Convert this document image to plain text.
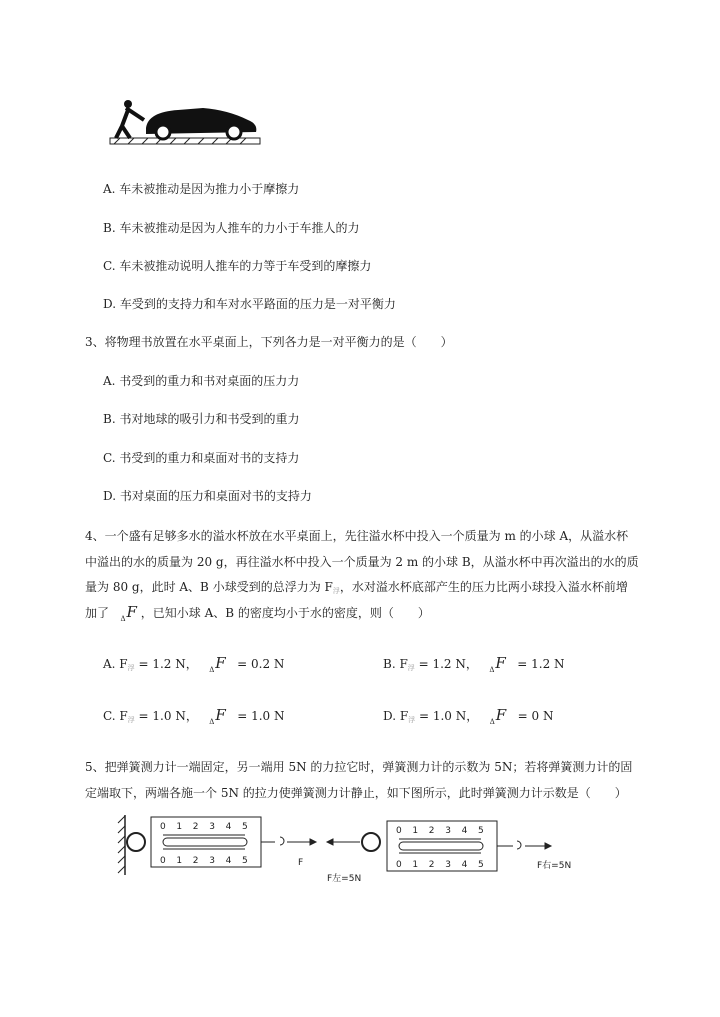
A. 车未被推动是因为推力小于摩擦力
B. 车未被推动是因为人推车的力小于车推人的力
C. 车未被推动说明人推车的力等于车受到的摩擦力
D. 车受到的支持力和车对水平路面的压力是一对平衡力
3、将物理书放置在水平桌面上，下列各力是一对平衡力的是（　　）
A. 书受到的重力和书对桌面的压力力
B. 书对地球的吸引力和书受到的重力
C. 书受到的重力和桌面对书的支持力
D. 书对桌面的压力和桌面对书的支持力
4、一个盛有足够多水的溢水杯放在水平桌面上，先往溢水杯中投入一个质量为 m 的小球 A，从溢水杯
中溢出的水的质量为 20 g，再往溢水杯中投入一个质量为 2 m 的小球 B，从溢水杯中再次溢出的水的质
量为 80 g，此时 A、B 小球受到的总浮力为 $F_浮$，水对溢水杯底部产生的压力比两小球投入溢水杯前增
加了   $_\Delta$F ，已知小球 A、B 的密度均小于水的密度，则（　　）
A. $F_浮 = 1.2$ N， $_\Delta$F = 0.2 N	B. $F_浮 = 1.2$ N， $_\Delta$F = 1.2 N
C. $F_浮 = 1.0$ N， $_\Delta$F = 1.0 N	D. $F_浮 = 1.0$ N， $_\Delta$F = 0 N
5、把弹簧测力计一端固定，另一端用 5N 的力拉它时，弹簧测力计的示数为 5N；若将弹簧测力计的固
定端取下，两端各施一个 5N 的拉力使弹簧测力计静止，如下图所示，此时弹簧测力计示数是（　　）
0
0
1
1
2
2
3
3
4
4
5
5
0
0
1
1
2
2
3
3
4
4
5
5
F
F左=5N
F右=5N
